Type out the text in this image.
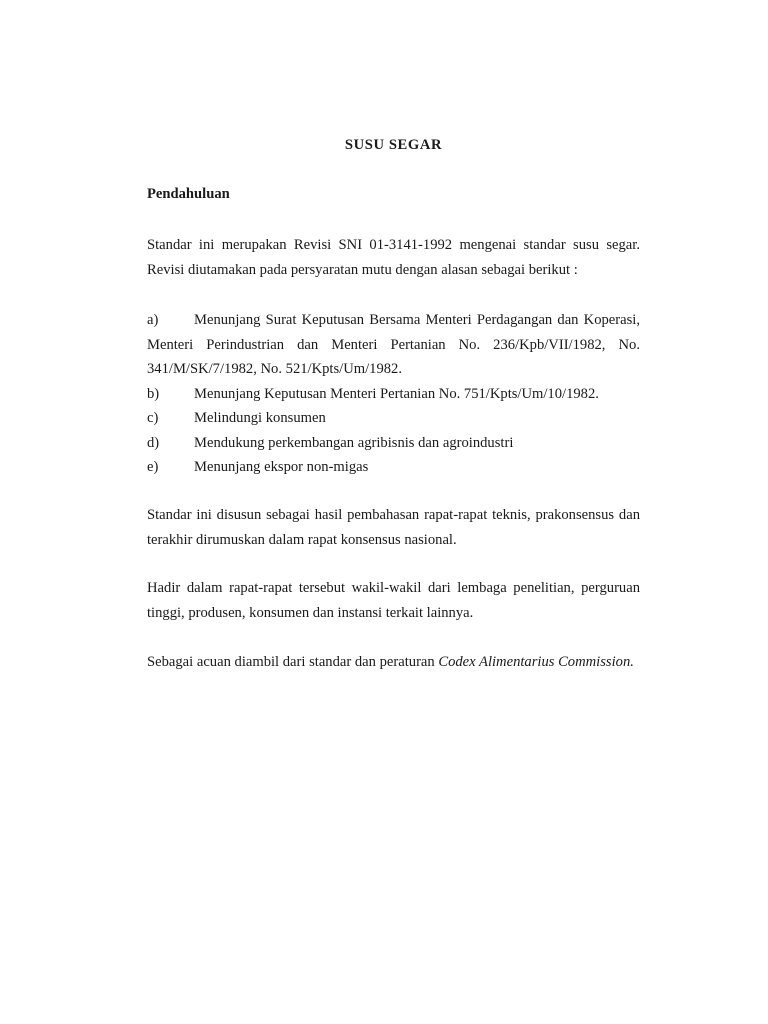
SUSU SEGAR
Pendahuluan
Standar ini merupakan Revisi SNI 01-3141-1992 mengenai standar susu segar. Revisi diutamakan pada persyaratan mutu dengan alasan sebagai berikut :
a)	Menunjang Surat Keputusan Bersama Menteri Perdagangan dan Koperasi, Menteri Perindustrian dan Menteri Pertanian No. 236/Kpb/VII/1982, No. 341/M/SK/7/1982, No. 521/Kpts/Um/1982.
b)	Menunjang Keputusan Menteri Pertanian No. 751/Kpts/Um/10/1982.
c)	Melindungi konsumen
d)	Mendukung perkembangan agribisnis dan agroindustri
e)	Menunjang ekspor non-migas
Standar ini disusun sebagai hasil pembahasan rapat-rapat teknis, prakonsensus dan terakhir dirumuskan dalam rapat konsensus nasional.
Hadir dalam rapat-rapat tersebut wakil-wakil dari lembaga penelitian, perguruan tinggi, produsen, konsumen dan instansi terkait lainnya.
Sebagai acuan diambil dari standar dan peraturan Codex Alimentarius Commission.
